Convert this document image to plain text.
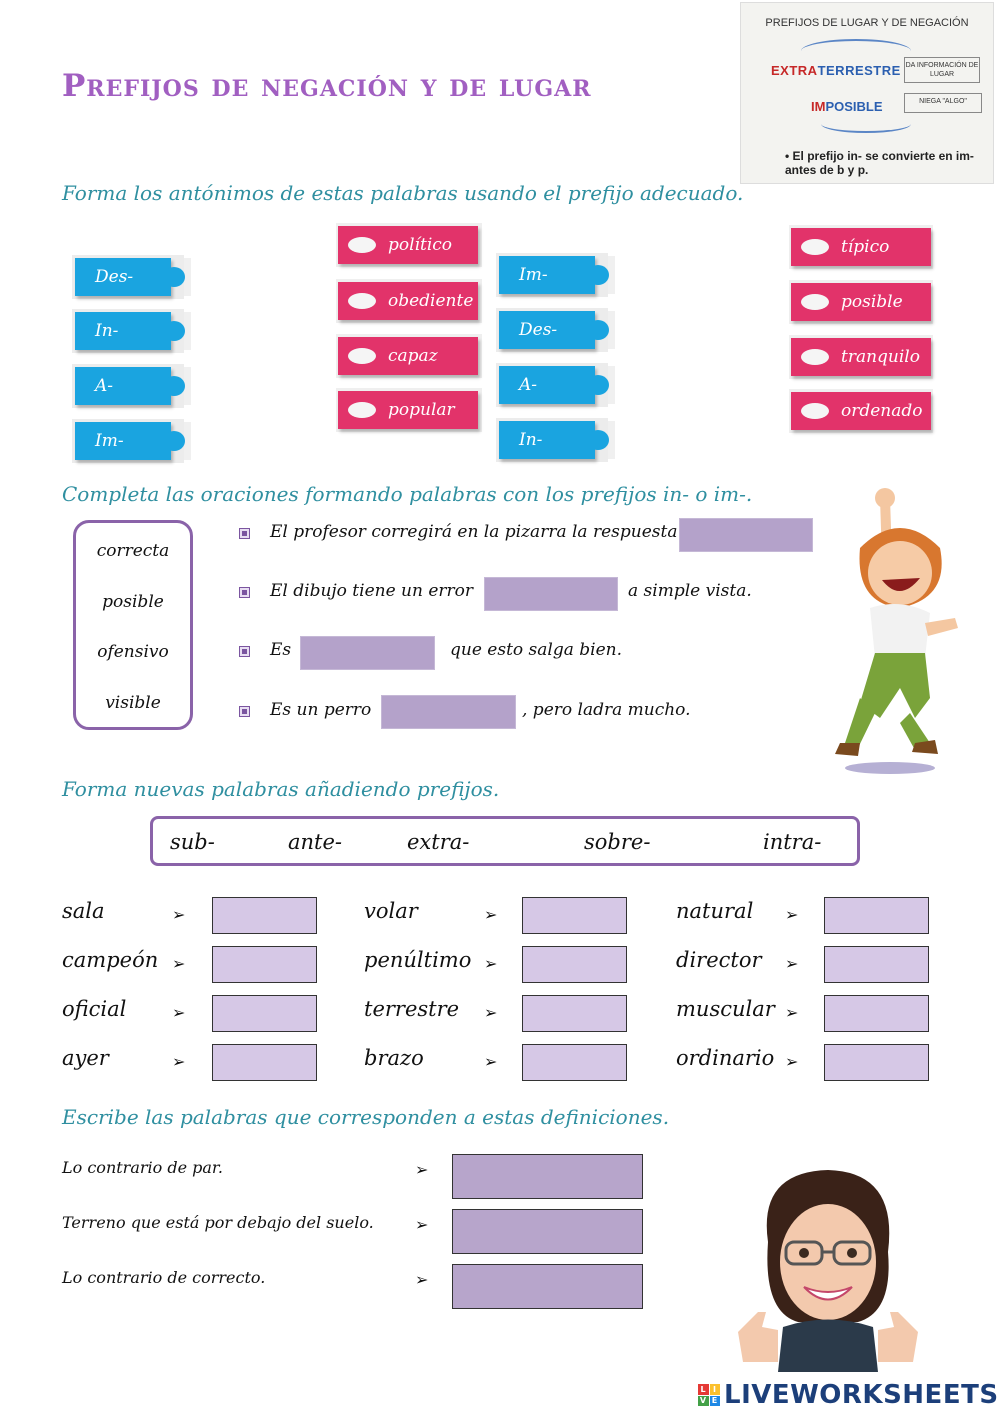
Prefijos de negación y de lugar
PREFIJOS DE LUGAR Y DE NEGACIÓN
EXTRATERRESTRE DA INFORMACIÓN DE LUGAR
IMPOSIBLE	NIEGA "ALGO"
• El prefijo in- se convierte en im- antes de b y p.
Forma los antónimos de estas palabras usando el prefijo adecuado.
Des-
político
Im-
típico
In-
obediente
Des-
posible
A-
capaz
A-
tranquilo
Im-
popular
In-
ordenado
Completa las oraciones formando palabras con los prefijos in- o im-.
correcta
posible
ofensivo
visible
El profesor corregirá en la pizarra la respuesta
El dibujo tiene un error	a simple vista.
Es	que esto salga bien.
Es un perro	, pero ladra mucho.
Forma nuevas palabras añadiendo prefijos.
sub-	ante-	extra-	sobre-	intra-
sala	➢
campeón ➢
oficial	➢
ayer	➢
volar	➢
penúltimo ➢
terrestre ➢
brazo	➢
natural ➢
director ➢
muscular ➢
ordinario ➢
Escribe las palabras que corresponden a estas definiciones.
Lo contrario de par.	➢
Terreno que está por debajo del suelo.	➢
Lo contrario de correcto.	➢
L I
V E LIVEWORKSHEETS
